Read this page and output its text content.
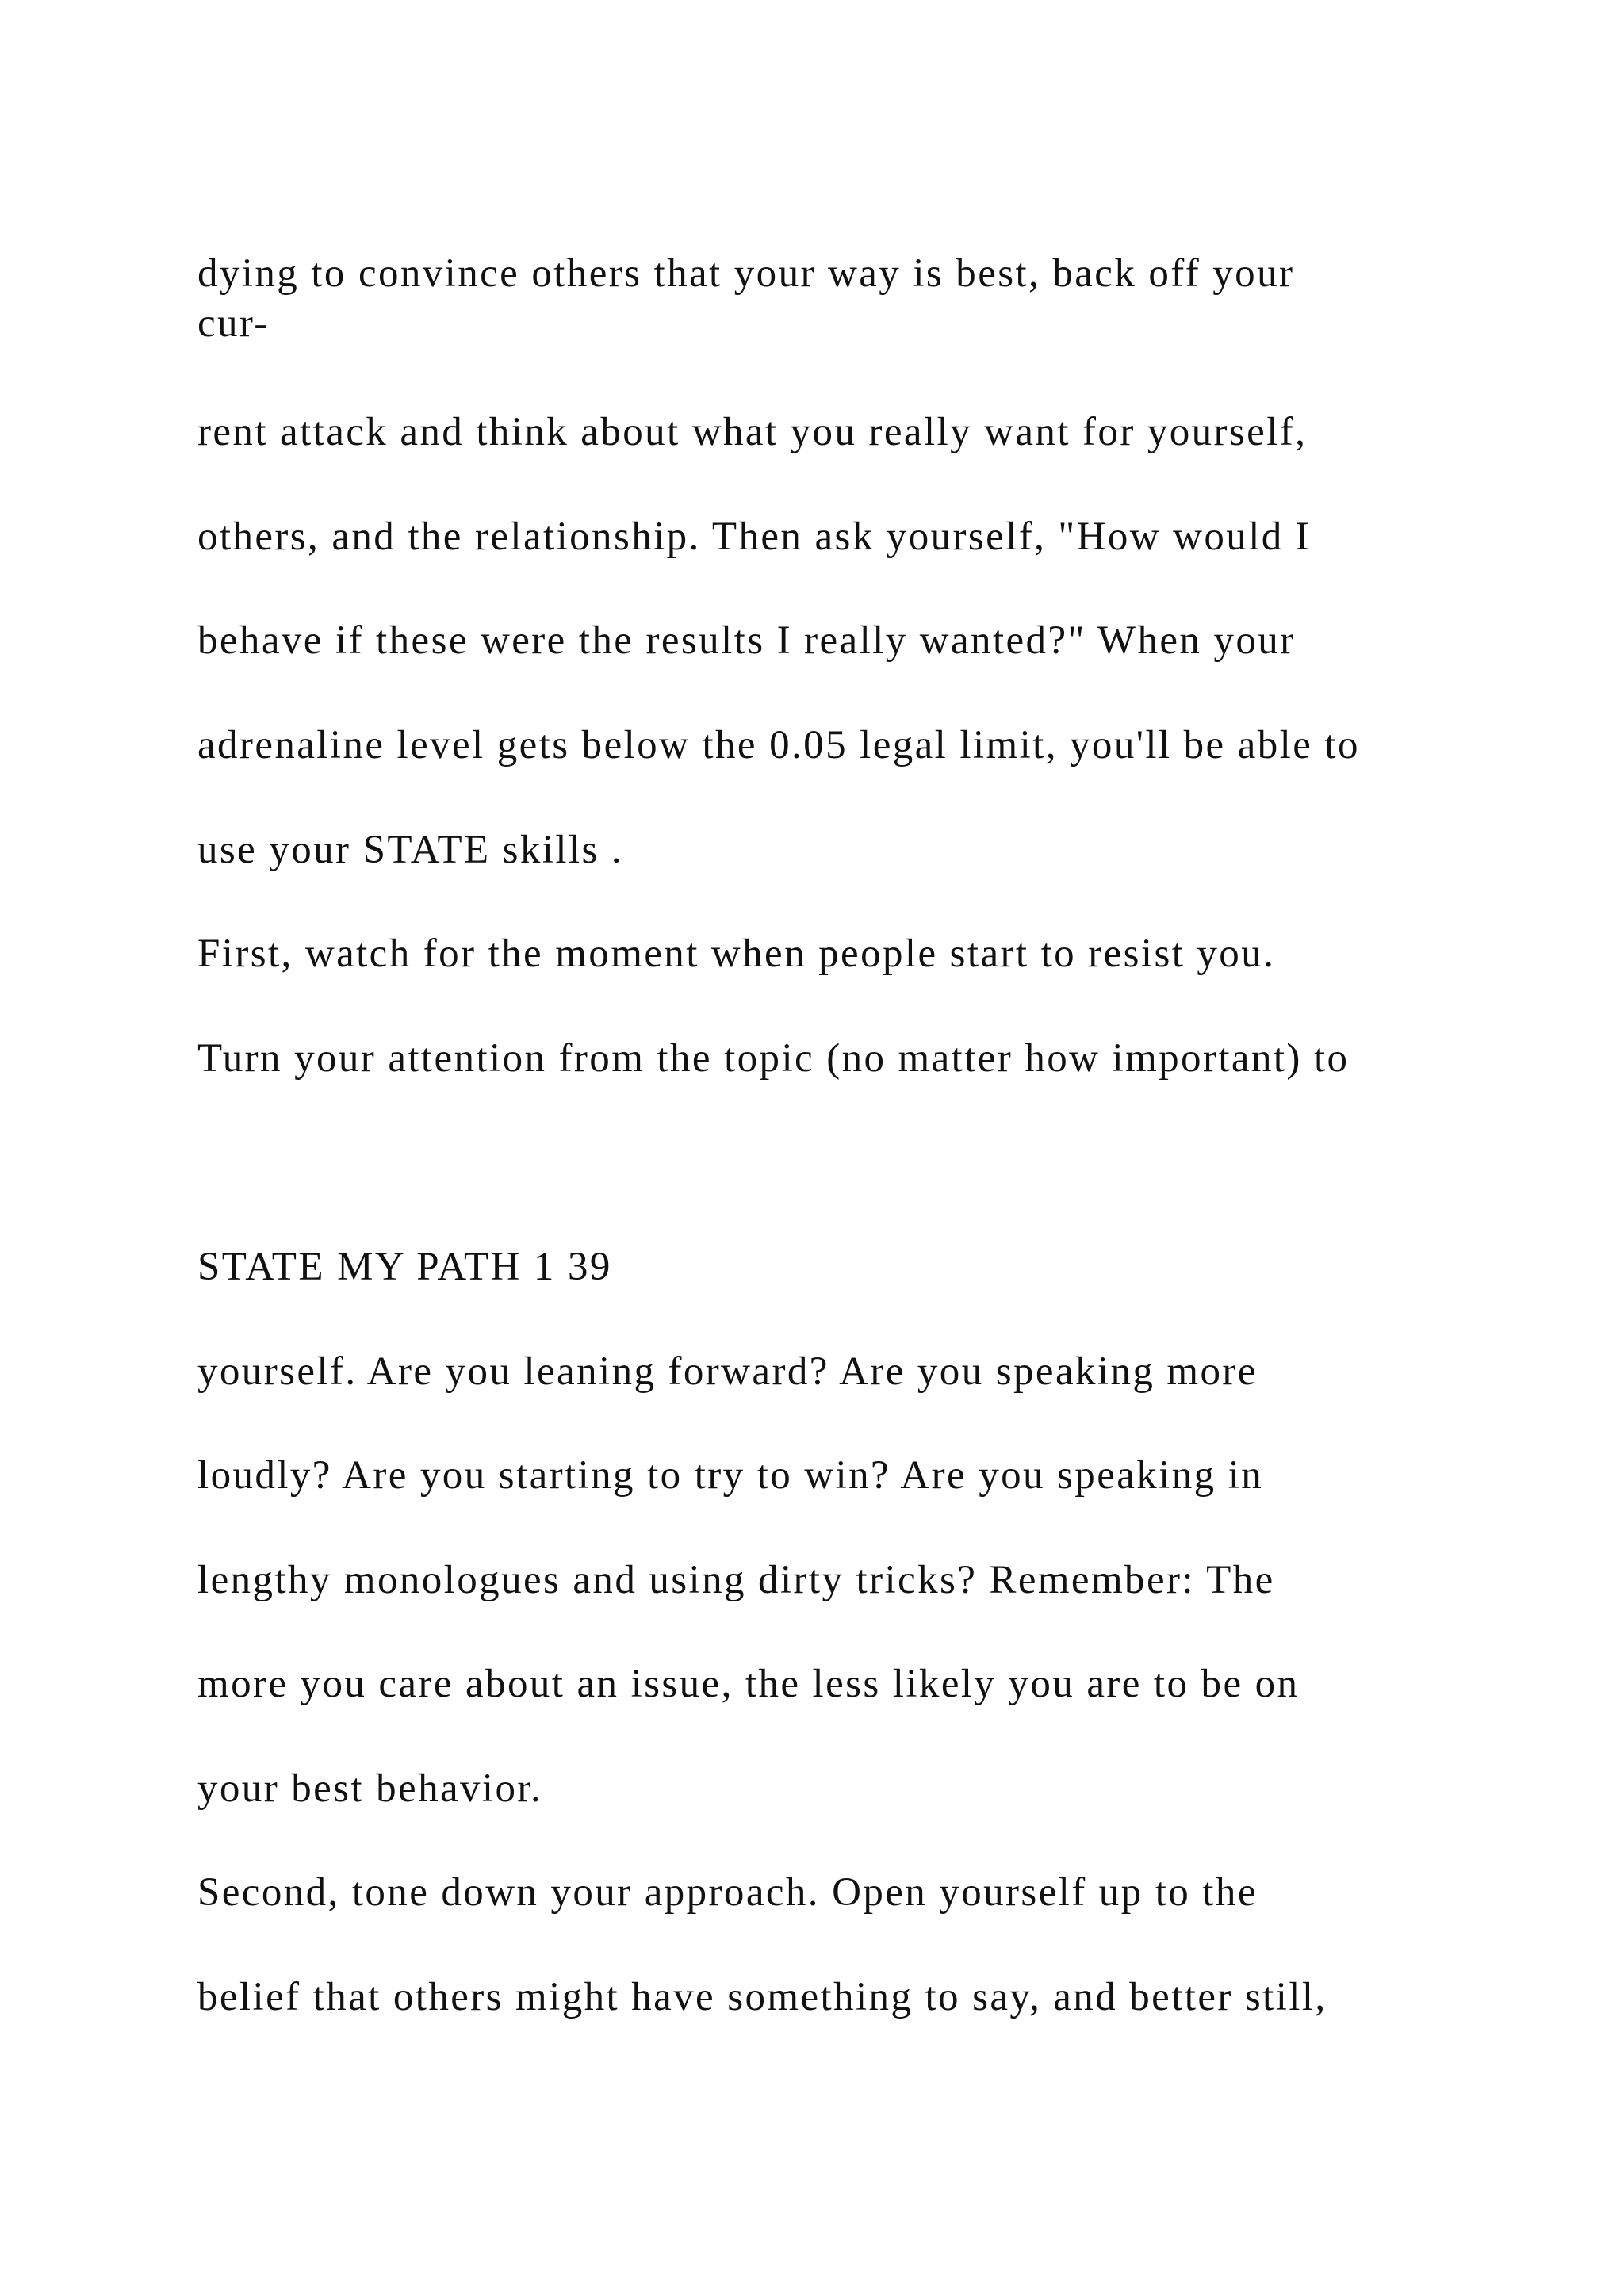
dying to convince others that your way is best, back off your

cur-

rent attack and think about what you really want for yourself,

others, and the relationship. Then ask yourself, "How would I

behave if these were the results I really wanted?" When your

adrenaline level gets below the 0.05 legal limit, you'll be able to

use your STATE skills .

First, watch for the moment when people start to resist you.

Turn your attention from the topic (no matter how important) to

STATE MY PATH 1 39

yourself. Are you leaning forward? Are you speaking more

loudly? Are you starting to try to win? Are you speaking in

lengthy monologues and using dirty tricks? Remember: The

more you care about an issue, the less likely you are to be on

your best behavior.

Second, tone down your approach. Open yourself up to the

belief that others might have something to say, and better still,
